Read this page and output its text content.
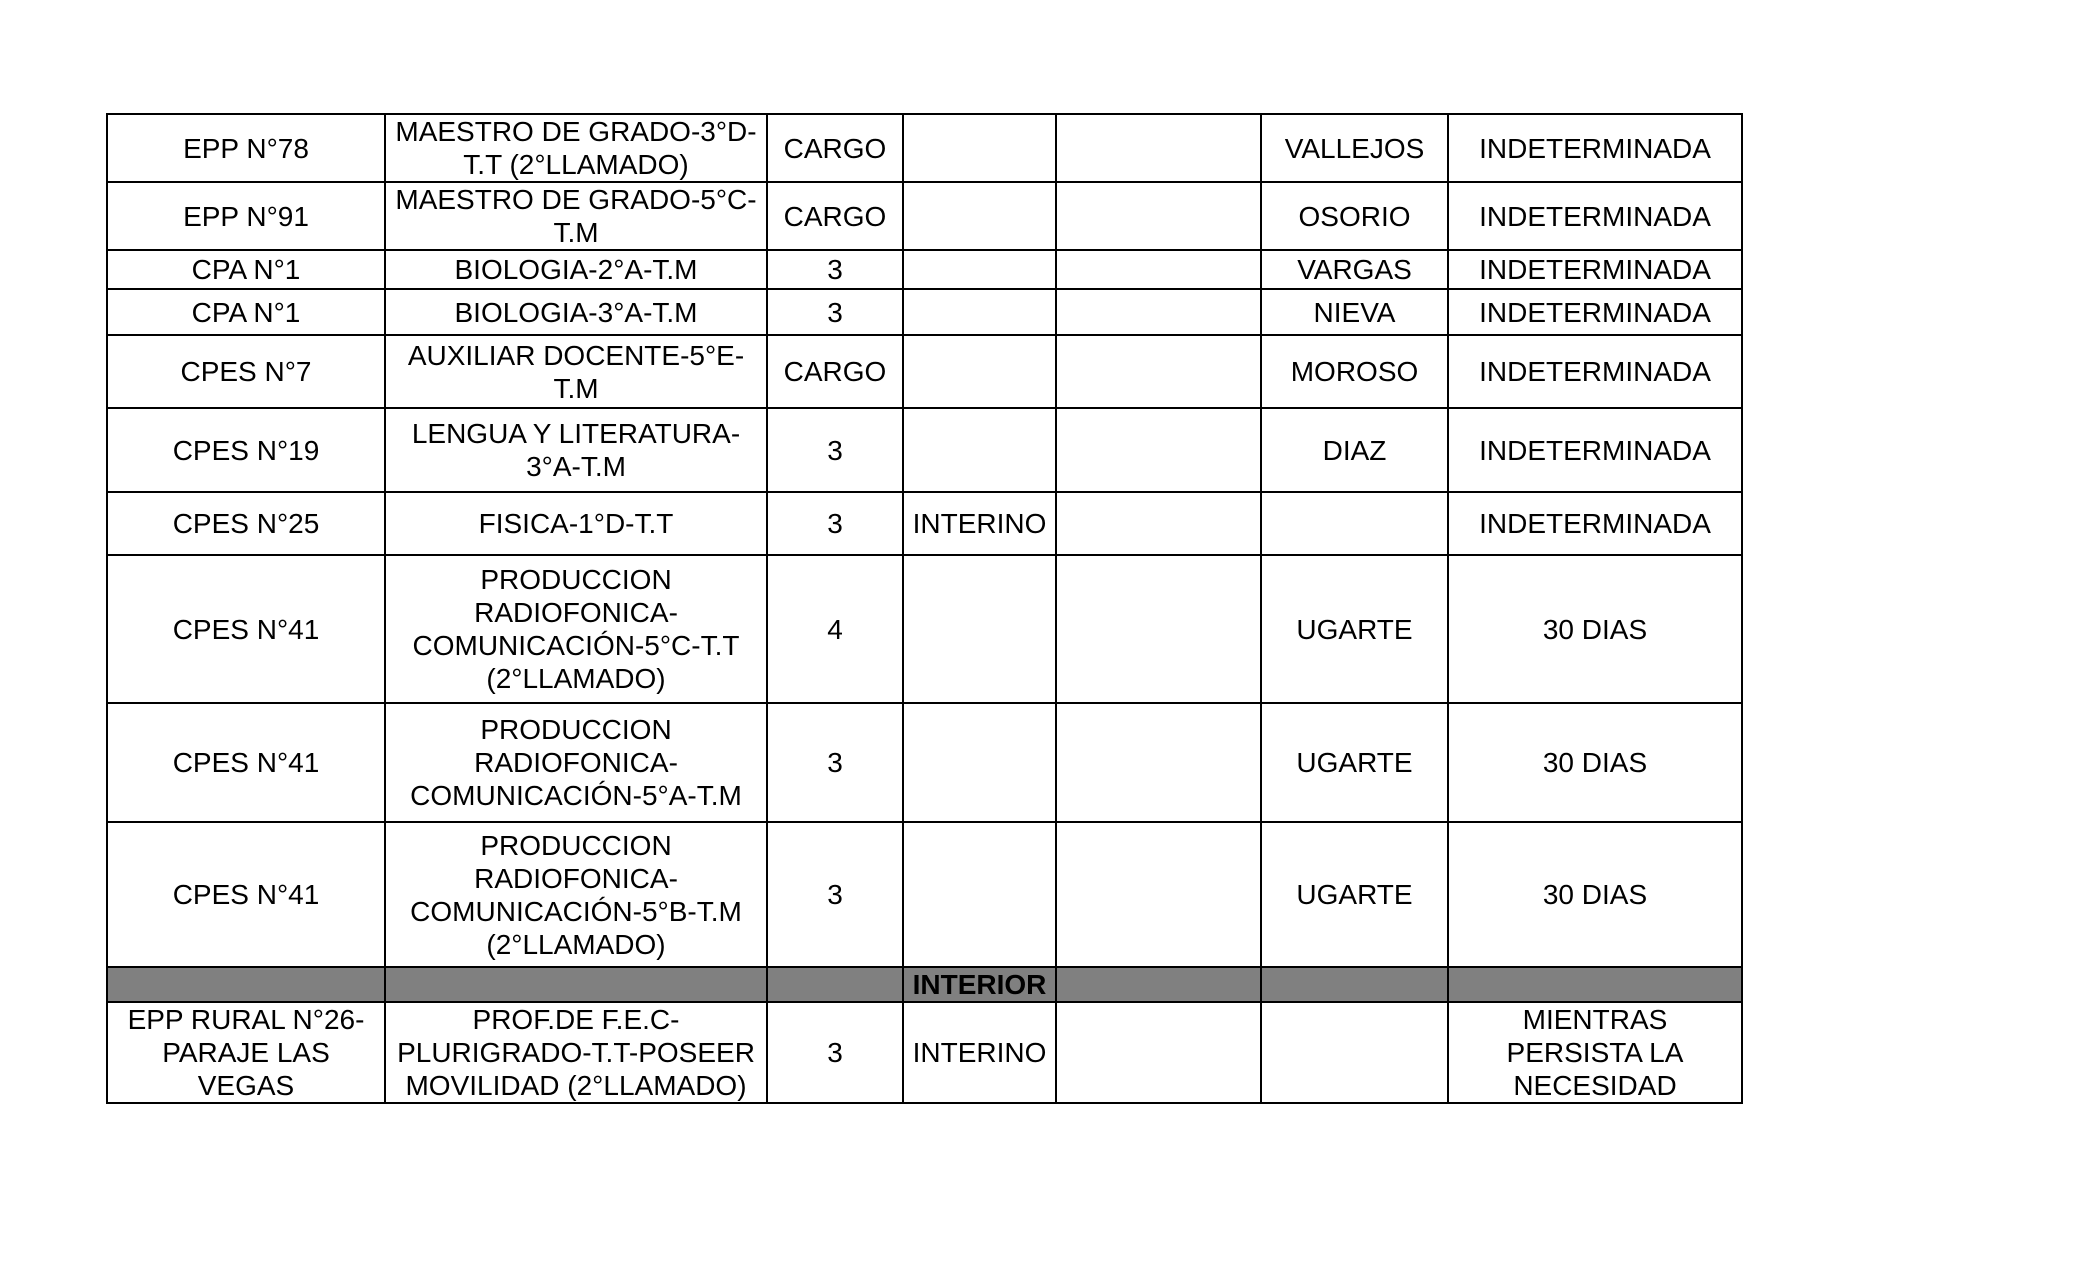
EPP N°78	MAESTRO DE GRADO-3°D-T.T (2°LLAMADO)	CARGO			VALLEJOS	INDETERMINADA
EPP N°91	MAESTRO DE GRADO-5°C-T.M	CARGO			OSORIO	INDETERMINADA
CPA N°1	BIOLOGIA-2°A-T.M	3			VARGAS	INDETERMINADA
CPA N°1	BIOLOGIA-3°A-T.M	3			NIEVA	INDETERMINADA
CPES N°7	AUXILIAR DOCENTE-5°E-T.M	CARGO			MOROSO	INDETERMINADA
CPES N°19	LENGUA Y LITERATURA-3°A-T.M	3			DIAZ	INDETERMINADA
CPES N°25	FISICA-1°D-T.T	3	INTERINO			INDETERMINADA
CPES N°41	PRODUCCION RADIOFONICA-COMUNICACIÓN-5°C-T.T (2°LLAMADO)	4			UGARTE	30 DIAS
CPES N°41	PRODUCCION RADIOFONICA-COMUNICACIÓN-5°A-T.M	3			UGARTE	30 DIAS
CPES N°41	PRODUCCION RADIOFONICA-COMUNICACIÓN-5°B-T.M (2°LLAMADO)	3			UGARTE	30 DIAS
			INTERIOR			
EPP RURAL N°26-PARAJE LAS VEGAS	PROF.DE F.E.C-PLURIGRADO-T.T-POSEER MOVILIDAD (2°LLAMADO)	3	INTERINO			MIENTRAS PERSISTA LA NECESIDAD
